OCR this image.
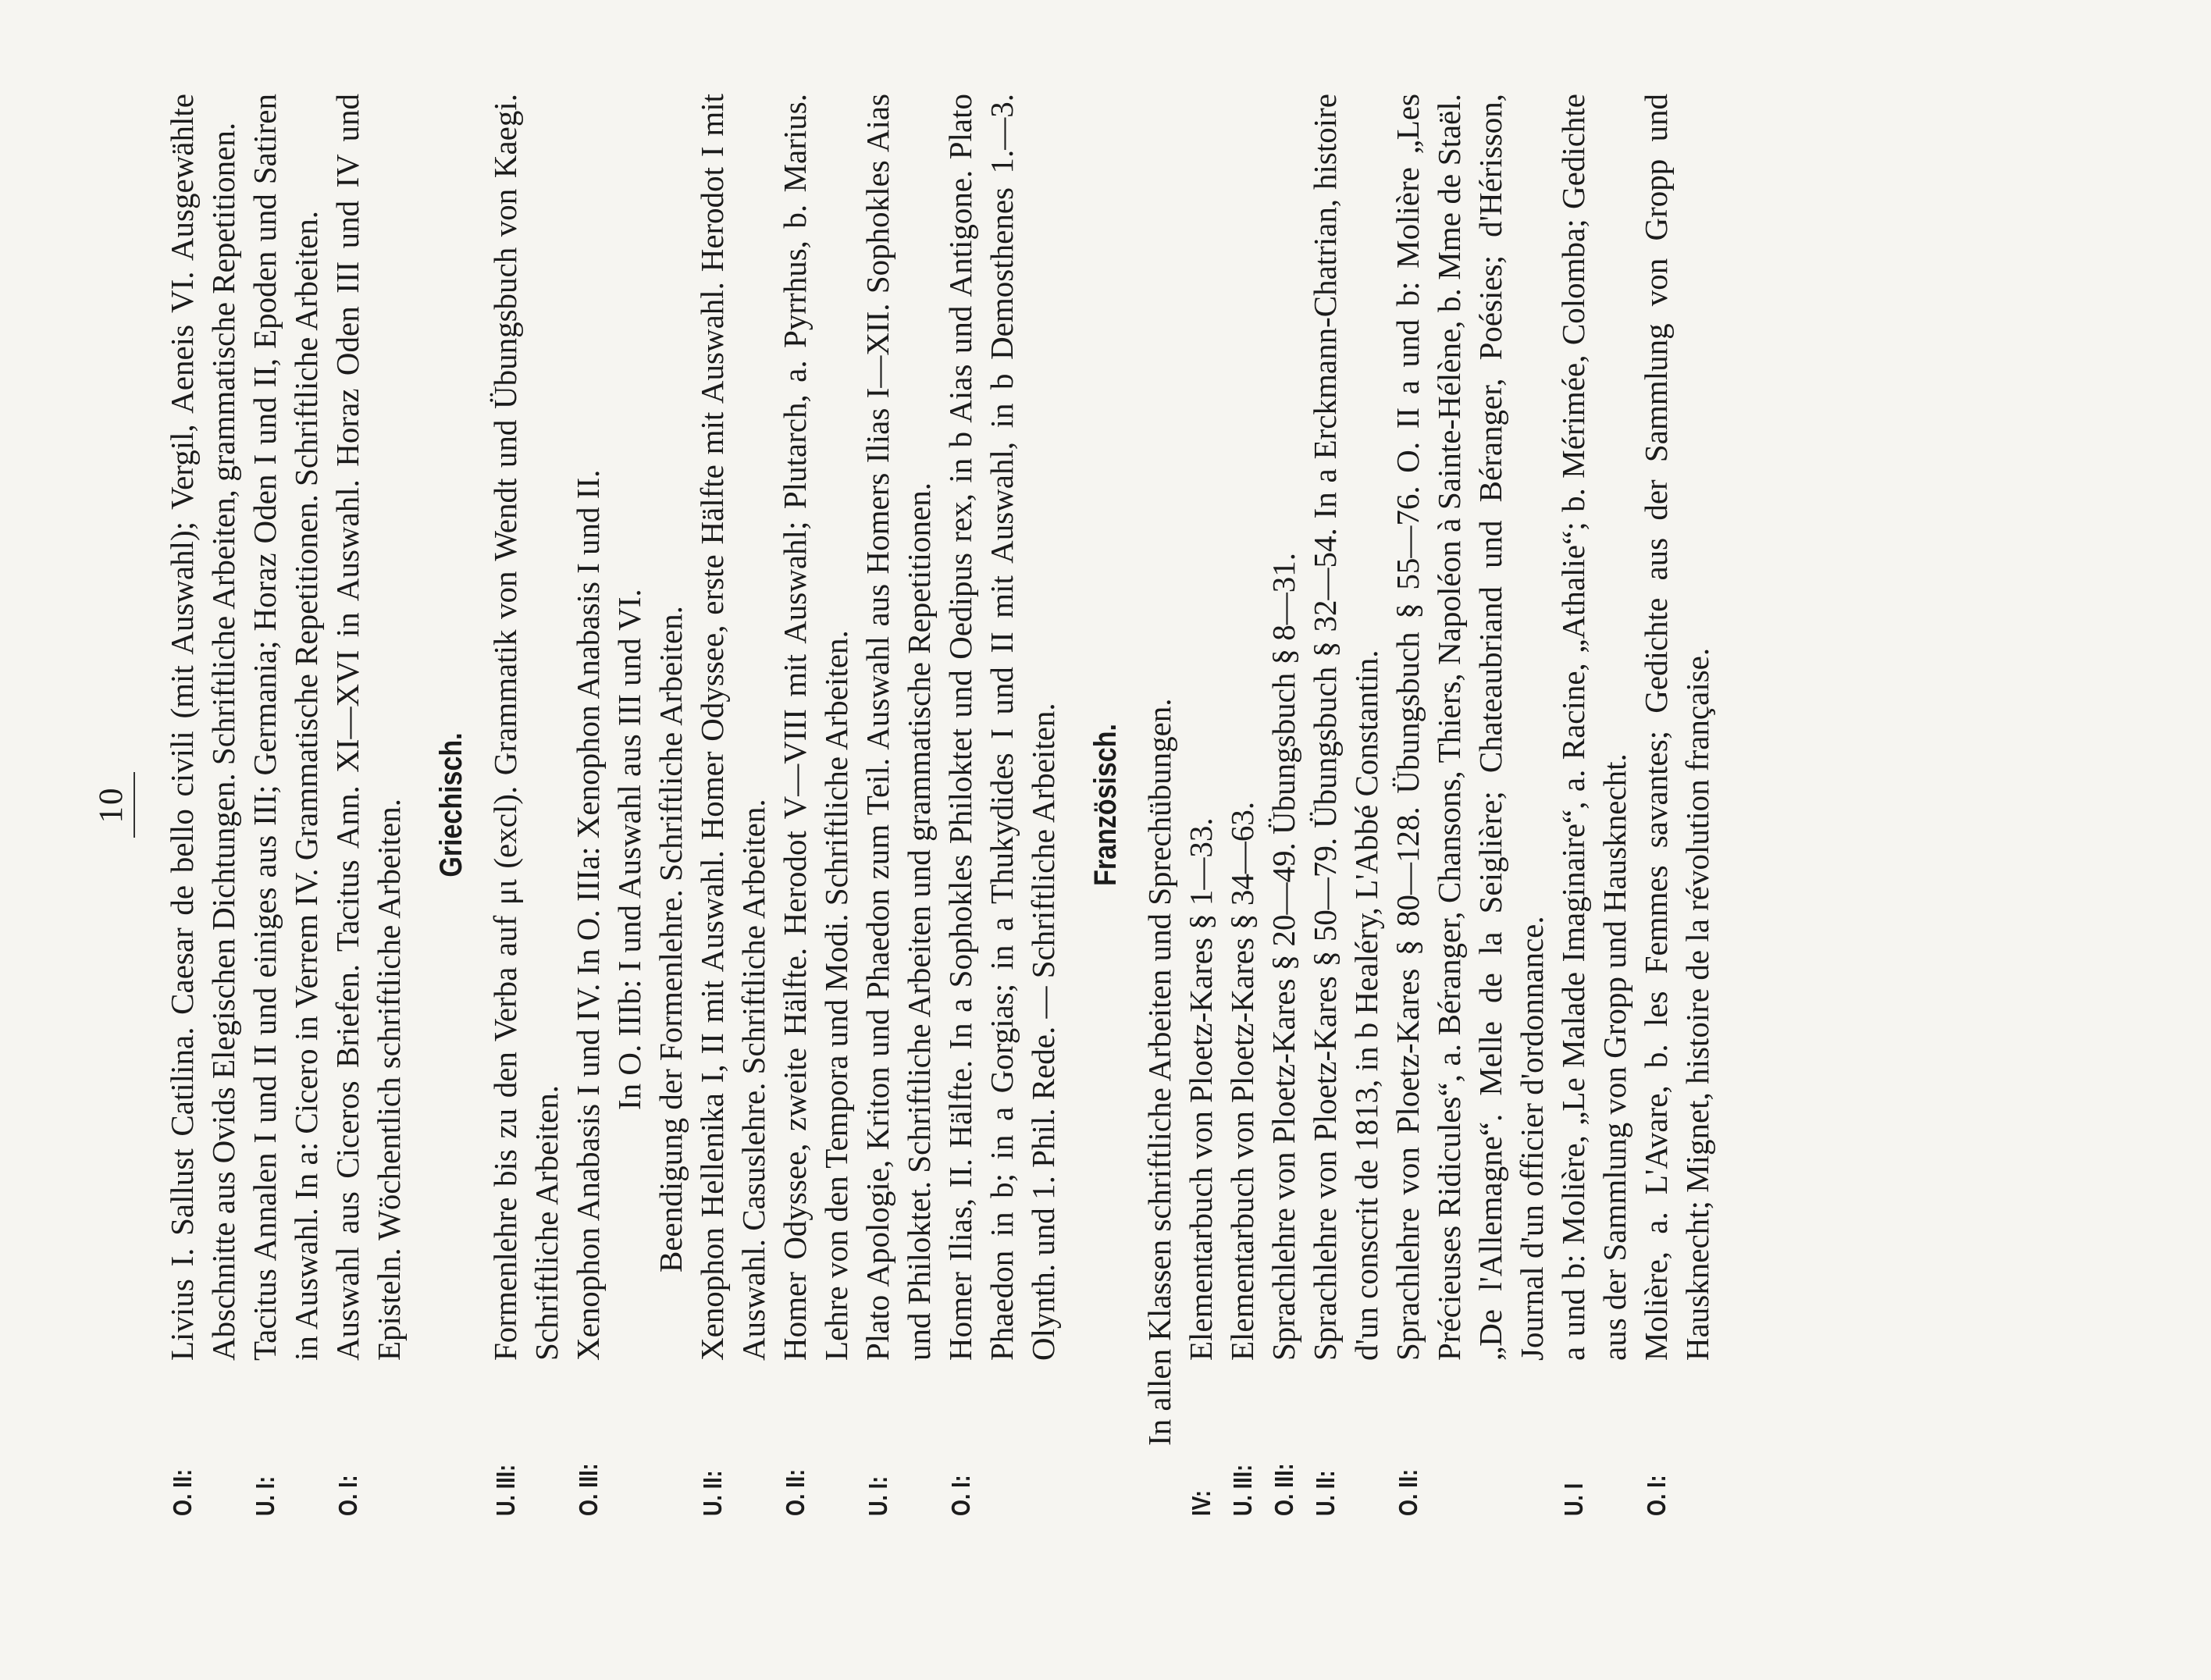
10
O. II:
Livius I. Sallust Catilina. Caesar de bello civili (mit Auswahl); Vergil, Aeneis VI. Ausgewählte Abschnitte aus Ovids Elegischen Dichtungen. Schriftliche Arbeiten, grammatische Repetitionen.
U. I:
Tacitus Annalen I und II und einiges aus III; Germania; Horaz Oden I und II, Epoden und Satiren in Auswahl. In a: Cicero in Verrem IV. Grammatische Repetitionen. Schriftliche Arbeiten.
O. I:
Auswahl aus Ciceros Briefen. Tacitus Ann. XI—XVI in Auswahl. Horaz Oden III und IV und Episteln. Wöchentlich schriftliche Arbeiten. Griechisch.
U. III:
Formenlehre bis zu den Verba auf μι (excl). Grammatik von Wendt und Übungsbuch von Kaegi. Schriftliche Arbeiten.
O. III:
Xenophon Anabasis I und IV. In O. IIIa: Xenophon Anabasis I und II. In O. IIIb: I und Auswahl aus III und VI. Beendigung der Formenlehre. Schriftliche Arbeiten.
U. II:
Xenophon Hellenika I, II mit Auswahl. Homer Odyssee, erste Hälfte mit Auswahl. Herodot I mit Auswahl. Casuslehre. Schriftliche Arbeiten.
O. II:
Homer Odyssee, zweite Hälfte. Herodot V—VIII mit Auswahl; Plutarch, a. Pyrrhus, b. Marius. Lehre von den Tempora und Modi. Schriftliche Arbeiten.
U. I:
Plato Apologie, Kriton und Phaedon zum Teil. Auswahl aus Homers Ilias I—XII. Sophokles Aias und Philoktet. Schriftliche Arbeiten und grammatische Repetitionen.
O. I:
Homer Ilias, II. Hälfte. In a Sophokles Philoktet und Oedipus rex, in b Aias und Antigone. Plato Phaedon in b; in a Gorgias; in a Thukydides I und II mit Auswahl, in b Demosthenes 1.—3. Olynth. und 1. Phil. Rede. — Schriftliche Arbeiten. Französisch. In allen Klassen schriftliche Arbeiten und Sprechübungen.
IV:
Elementarbuch von Ploetz-Kares § 1—33.
U. III:
Elementarbuch von Ploetz-Kares § 34—63.
O. III:
Sprachlehre von Ploetz-Kares § 20—49. Übungsbuch § 8—31.
U. II:
Sprachlehre von Ploetz-Kares § 50—79. Übungsbuch § 32—54. In a Erckmann-Chatrian, histoire d'un conscrit de 1813, in b Healéry, L'Abbé Constantin.
O. II:
Sprachlehre von Ploetz-Kares § 80—128. Übungsbuch § 55—76. O. II a und b: Molière „Les Précieuses Ridicules“, a. Béranger, Chansons, Thiers, Napoléon à Sainte-Hélène, b. Mme de Staël. „De l'Allemagne“. Melle de la Seiglière; Chateaubriand und Béranger, Poésies; d'Hérisson, Journal d'un officier d'ordonnance.
U. I
a und b: Molière, „Le Malade Imaginaire“, a. Racine, „Athalie“; b. Mérimée, Colomba; Gedichte aus der Sammlung von Gropp und Hausknecht.
O. I:
Molière, a. L'Avare, b. les Femmes savantes; Gedichte aus der Sammlung von Gropp und Hausknecht; Mignet, histoire de la révolution française.
